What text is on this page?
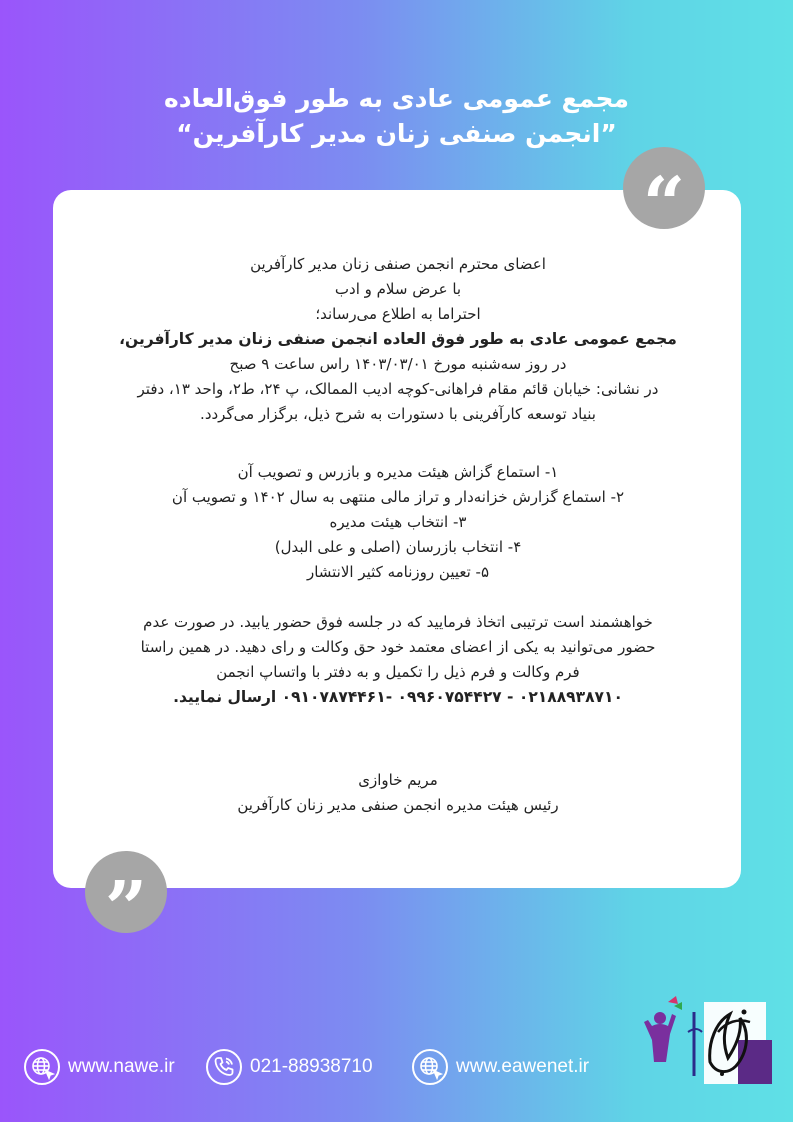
مجمع عمومی عادی به طور فوق‌العاده
”انجمن صنفی زنان مدیر کارآفرین“
“
”

اعضای محترم انجمن صنفی زنان مدیر کارآفرین

با عرض سلام و ادب

احتراما به اطلاع می‌رساند؛

مجمع عمومی عادی به طور فوق العاده انجمن صنفی زنان مدیر کارآفرین،

در روز سه‌شنبه مورخ ۱۴۰۳/۰۳/۰۱ راس ساعت ۹ صبح

در نشانی: خیابان قائم مقام فراهانی-کوچه ادیب الممالک، پ ۲۴، ط۲، واحد ۱۳، دفتر

بنیاد توسعه کارآفرینی با دستورات به شرح ذیل، برگزار می‌گردد.

۱- استماع گزاش هیئت مدیره و بازرس و تصویب آن
۲- استماع گزارش خزانه‌دار و تراز مالی منتهی به سال ۱۴۰۲ و تصویب آن
۳- انتخاب هیئت مدیره
۴- انتخاب بازرسان (اصلی و علی البدل)
۵- تعیین روزنامه کثیر الانتشار

خواهشمند است ترتیبی اتخاذ فرمایید که در جلسه فوق حضور یابید. در صورت عدم

حضور می‌توانید به یکی از اعضای معتمد خود حق وکالت و رای دهید. در همین راستا

فرم وکالت و فرم ذیل را تکمیل و به دفتر با واتساپ انجمن

۰۲۱۸۸۹۳۸۷۱۰ - ۰۹۹۶۰۷۵۴۴۲۷ -۰۹۱۰۷۸۷۴۴۶۱ ارسال نمایید.

مریم خاوازی

رئیس هیئت مدیره انجمن صنفی مدیر زنان کارآفرین

www.nawe.ir	021-88938710	www.eawenet.ir
